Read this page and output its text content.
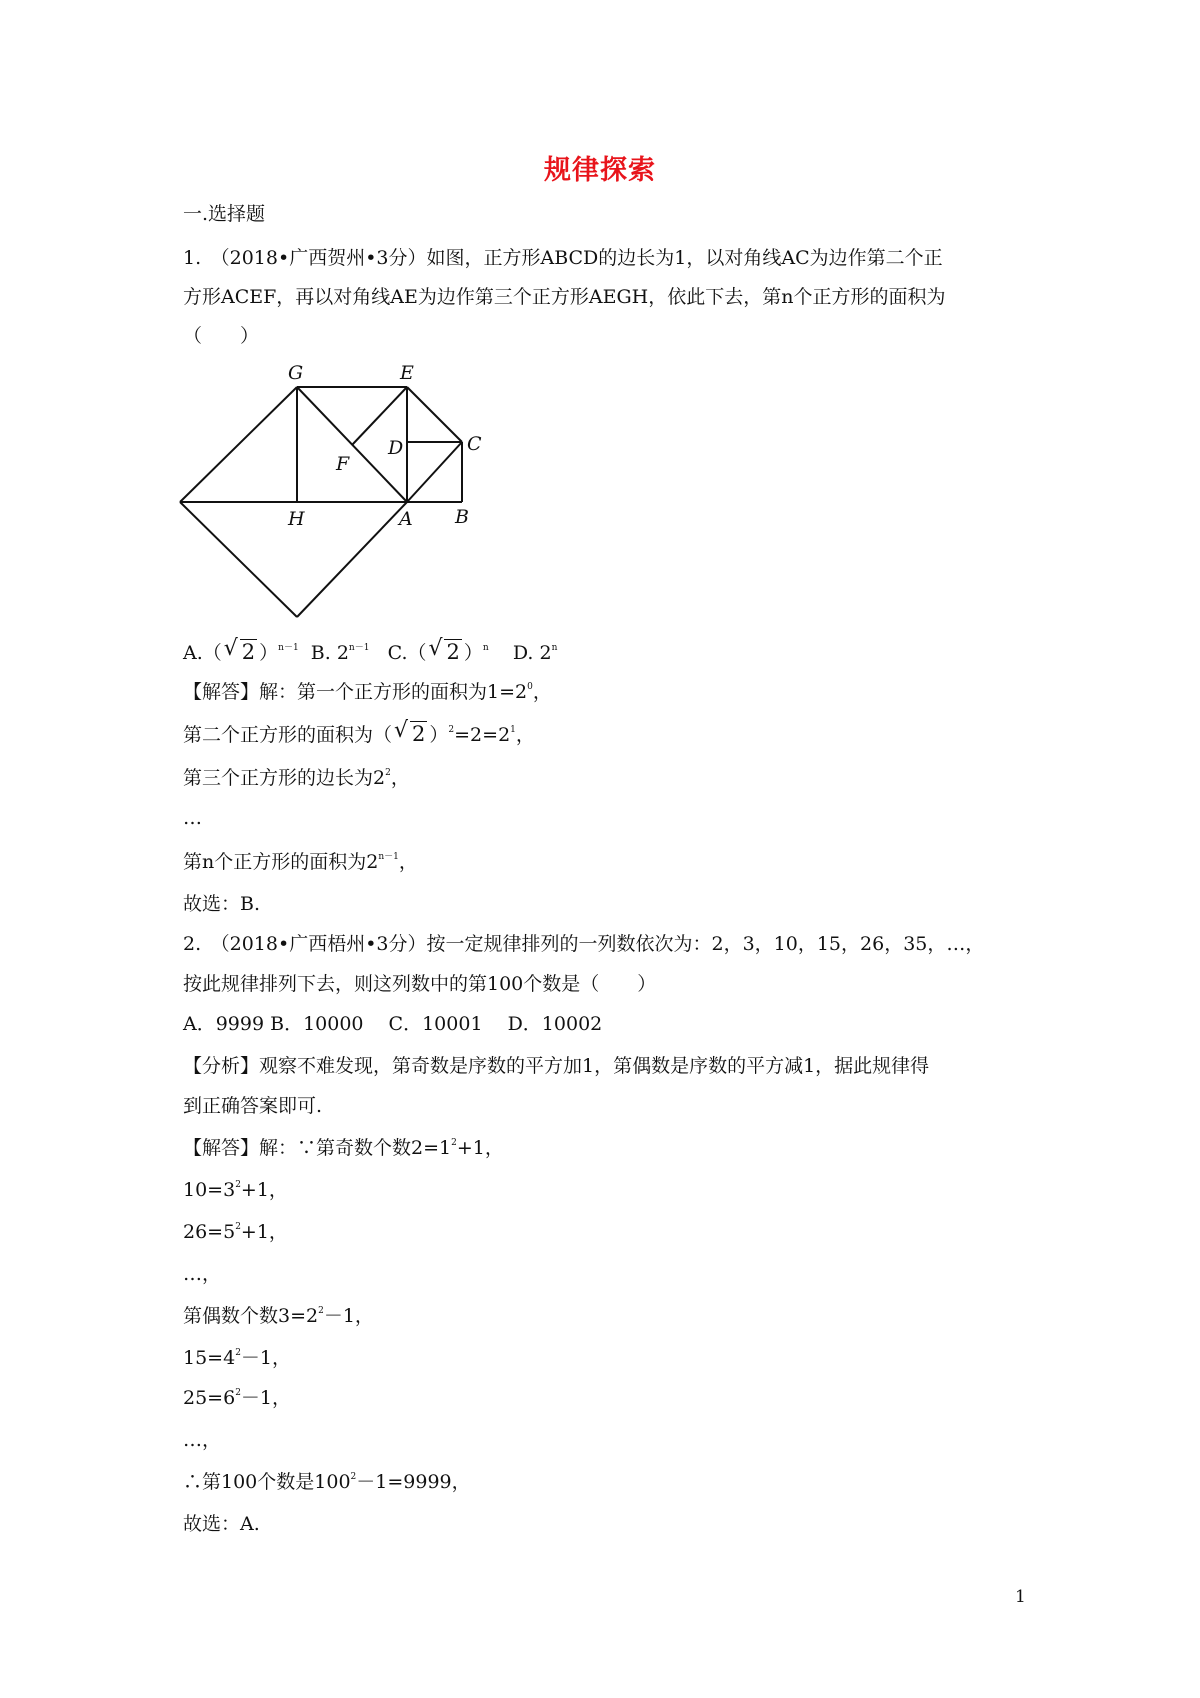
规律探索
一.选择题
1.　（2018•广西贺州•3分）如图，正方形ABCD的边长为1，以对角线AC为边作第二个正
方形ACEF，再以对角线AE为边作第三个正方形AEGH，依此下去，第n个正方形的面积为
（　　）
G	E
D	C
F
H	A B
A.（ √ 2 ）$^{n-1}$ B. $2^{n-1}$ C.（ √ 2 ）$^n$ D. 2$^n$
【解答】解：第一个正方形的面积为$1=2^0$，
第二个正方形的面积为（ √ 2 ）$^2=2=2^1$，
第三个正方形的边长为$2^2$，
…
第n个正方形的面积为$2^{n-1}$，
故选：B.
2.　（2018•广西梧州•3分）按一定规律排列的一列数依次为：2，3，10，15，26，35，…，
按此规律排列下去，则这列数中的第100个数是（　　）
A．9999 B．10000　 C．10001　 D．10002
【分析】观察不难发现，第奇数是序数的平方加1，第偶数是序数的平方减1，据此规律得
到正确答案即可.
【解答】解：∵第奇数个数$2=1^2+1$，
$10=3^2+1$，
$26=5^2+1$，
…，
第偶数个数$3=2^2-1$，
$15=4^2-1$，
$25=6^2-1$，
…，
∴第100个数是$100^2-1=9999$，
故选：A.
1
